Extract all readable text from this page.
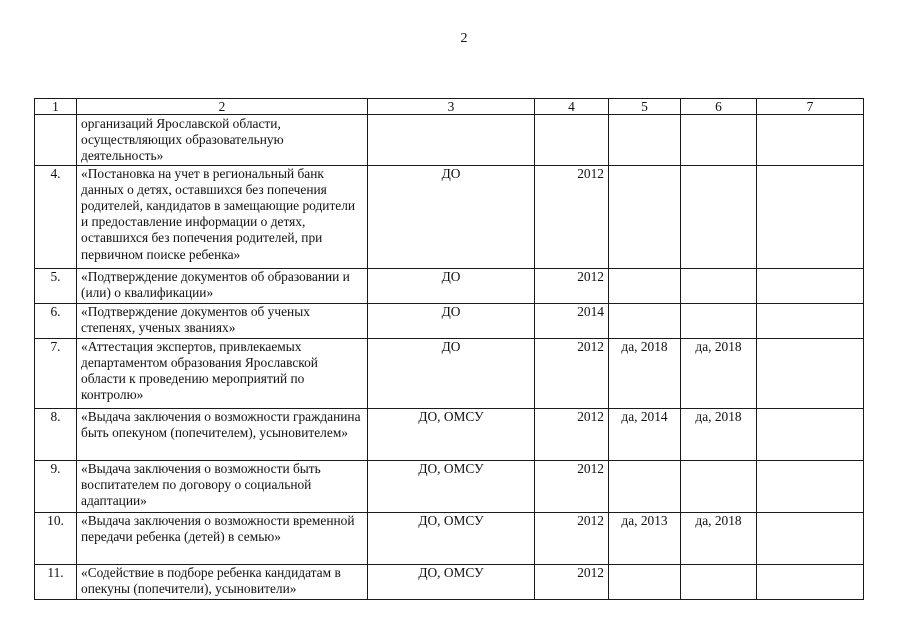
2
1	2	3	4	5	6	7
	организаций Ярославской области, осуществляющих образовательную деятельность»					
4.	«Постановка на учет в региональный банк данных о детях, оставшихся без попечения родителей, кандидатов в замещающие родители и предоставление информации о детях, оставшихся без попечения родителей, при первичном поиске ребенка»	ДО	2012			
5.	«Подтверждение документов об образовании и (или) о квалификации»	ДО	2012			
6.	«Подтверждение документов об ученых степенях, ученых званиях»	ДО	2014			
7.	«Аттестация экспертов, привлекаемых департаментом образования Ярославской области к проведению мероприятий по контролю»	ДО	2012	да, 2018	да, 2018	
8.	«Выдача заключения о возможности гражданина быть опекуном (попечителем), усыновителем»	ДО, ОМСУ	2012	да, 2014	да, 2018	
9.	«Выдача заключения о возможности быть воспитателем по договору о социальной адаптации»	ДО, ОМСУ	2012			
10.	«Выдача заключения о возможности временной передачи ребенка (детей) в семью»	ДО, ОМСУ	2012	да, 2013	да, 2018	
11.	«Содействие в подборе ребенка кандидатам в опекуны (попечители), усыновители»	ДО, ОМСУ	2012			
